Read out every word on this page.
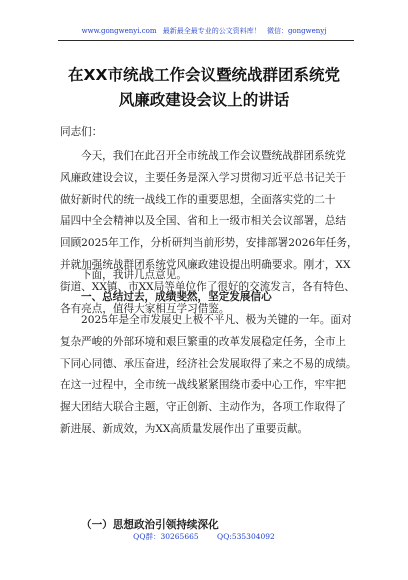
www.gongwenyi.com 最新最全最专业的公文资料库！ 微信：gongwenyj
在XX市统战工作会议暨统战群团系统党
风廉政建设会议上的讲话
同志们：
今天，我们在此召开全市统战工作会议暨统战群团系统党
风廉政建设会议，主要任务是深入学习贯彻习近平总书记关于
做好新时代的统一战线工作的重要思想，全面落实党的二十
届四中全会精神以及全国、省和上一级市相关会议部署，总结
回顾2025年工作，分析研判当前形势，安排部署2026年任务，
并就加强统战群团系统党风廉政建设提出明确要求。刚才，XX
街道、XX镇、市XX局等单位作了很好的交流发言，各有特色、
各有亮点，值得大家相互学习借鉴。
下面，我讲几点意见。
一、总结过去，成绩斐然，坚定发展信心
2025年是全市发展史上极不平凡、极为关键的一年。面对
复杂严峻的外部环境和艰巨繁重的改革发展稳定任务，全市上
下同心同德、承压奋进，经济社会发展取得了来之不易的成绩。
在这一过程中，全市统一战线紧紧围绕市委中心工作，牢牢把
握大团结大联合主题，守正创新、主动作为，各项工作取得了
新进展、新成效，为XX高质量发展作出了重要贡献。
（一）思想政治引领持续深化
QQ群：30265665 QQ:535304092
